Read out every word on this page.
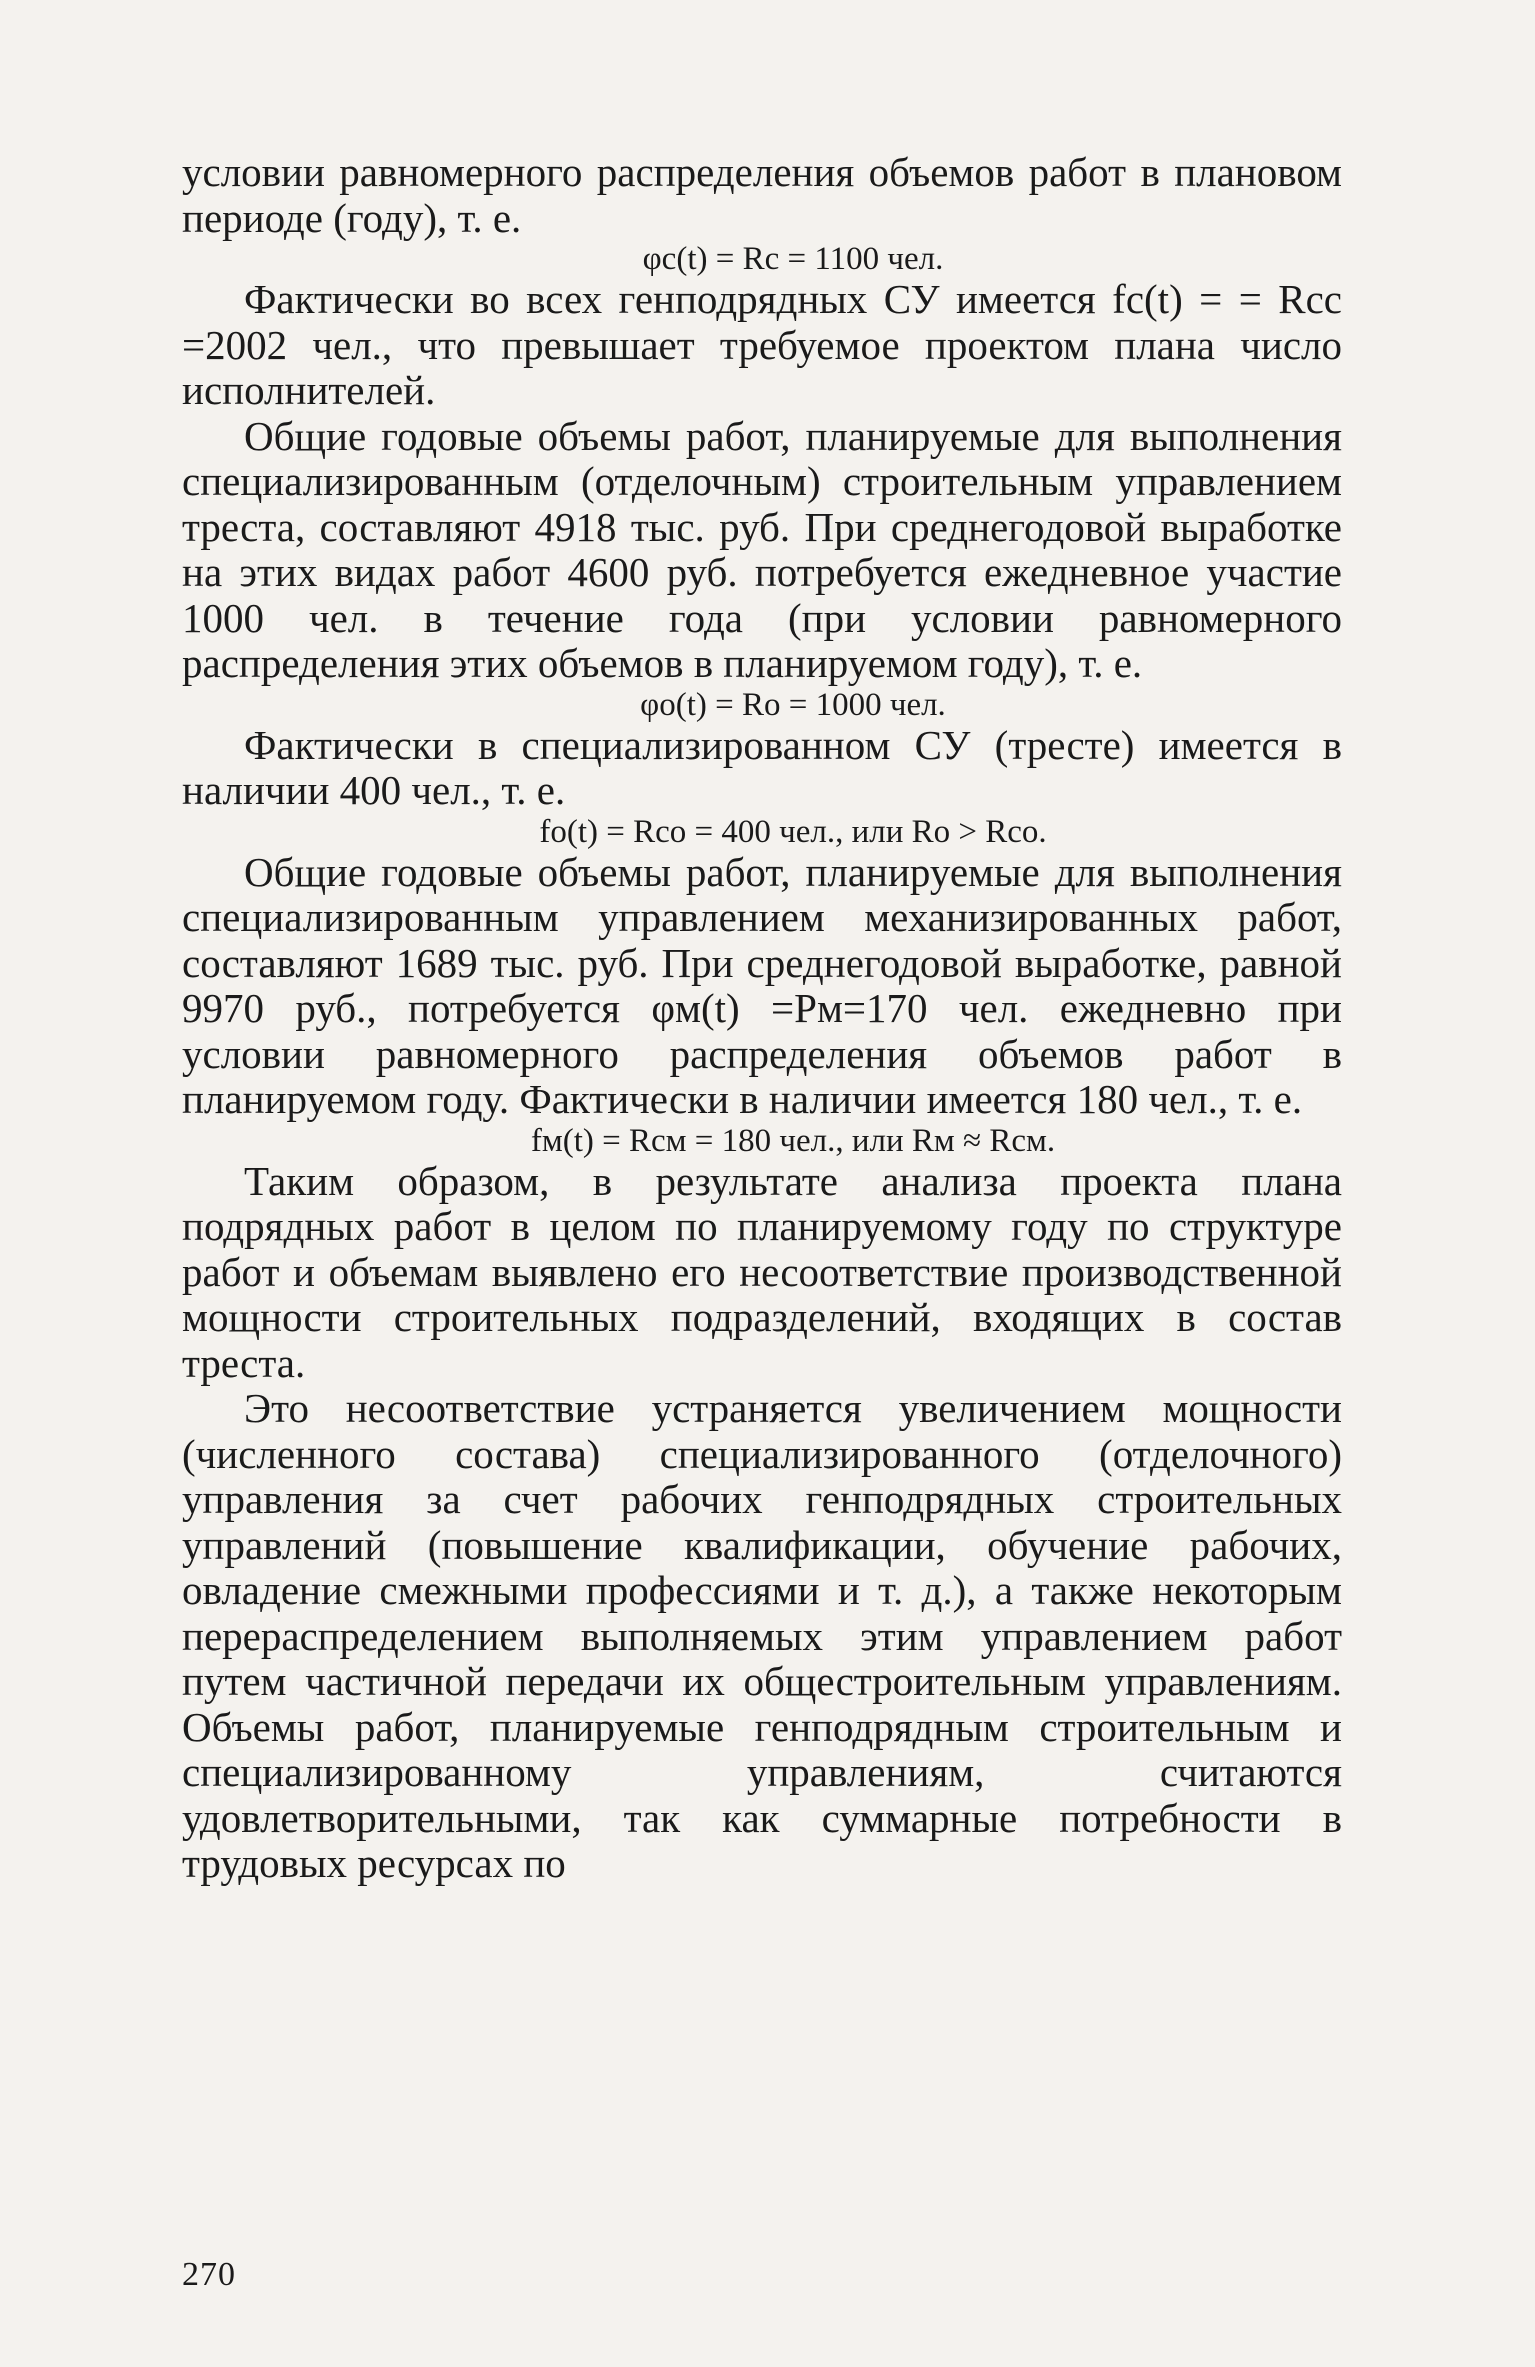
условии равномерного распределения объемов работ в плановом периоде (году), т. е.

φc(t) = Rc = 1100 чел.

Фактически во всех генподрядных СУ имеется fc(t) = = Rcc =2002 чел., что превышает требуемое проектом плана число исполнителей.

Общие годовые объемы работ, планируемые для выполнения специализированным (отделочным) строительным управлением треста, составляют 4918 тыс. руб. При среднегодовой выработке на этих видах работ 4600 руб. потребуется ежедневное участие 1000 чел. в течение года (при условии равномерного распределения этих объемов в планируемом году), т. е.

φo(t) = Ro = 1000 чел.

Фактически в специализированном СУ (тресте) имеется в наличии 400 чел., т. е.

fo(t) = Rco = 400 чел., или Ro > Rco.

Общие годовые объемы работ, планируемые для выполнения специализированным управлением механизированных работ, составляют 1689 тыс. руб. При среднегодовой выработке, равной 9970 руб., потребуется φм(t) =Pм=170 чел. ежедневно при условии равномерного распределения объемов работ в планируемом году. Фактически в наличии имеется 180 чел., т. е.

fм(t) = Rcм = 180 чел., или Rм ≈ Rcм.

Таким образом, в результате анализа проекта плана подрядных работ в целом по планируемому году по структуре работ и объемам выявлено его несоответствие производственной мощности строительных подразделений, входящих в состав треста.

Это несоответствие устраняется увеличением мощности (численного состава) специализированного (отделочного) управления за счет рабочих генподрядных строительных управлений (повышение квалификации, обучение рабочих, овладение смежными профессиями и т. д.), а также некоторым перераспределением выполняемых этим управлением работ путем частичной передачи их общестроительным управлениям. Объемы работ, планируемые генподрядным строительным и специализированному управлениям, считаются удовлетворительными, так как суммарные потребности в трудовых ресурсах по

270
